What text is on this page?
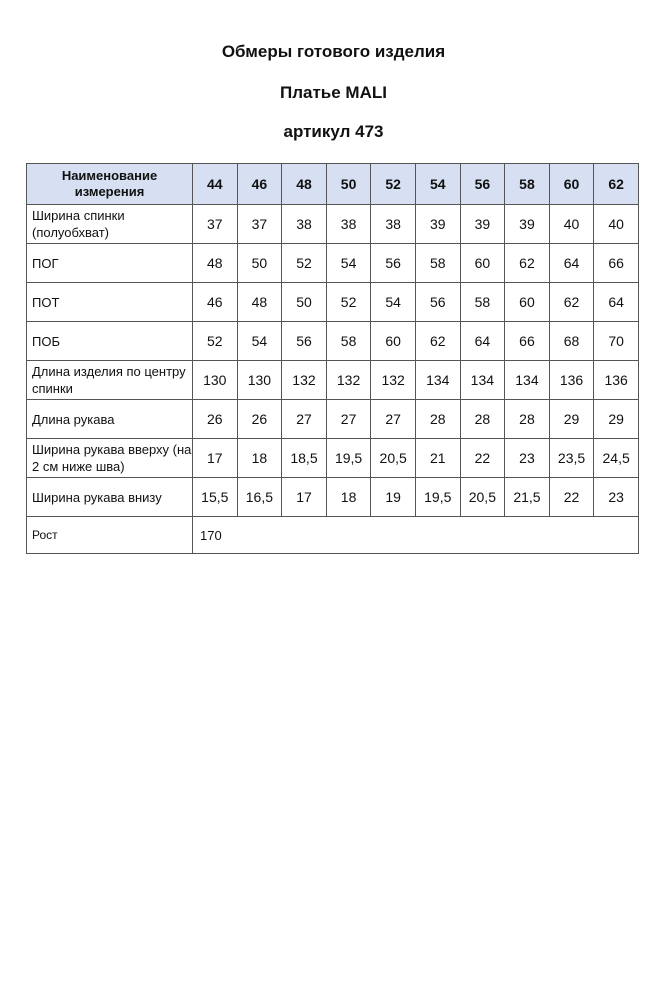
Обмеры готового изделия
Платье MALI
артикул 473
Наименование измерения	44	46	48	50	52	54	56	58	60	62
Ширина спинки (полуобхват)	37	37	38	38	38	39	39	39	40	40
ПОГ	48	50	52	54	56	58	60	62	64	66
ПОТ	46	48	50	52	54	56	58	60	62	64
ПОБ	52	54	56	58	60	62	64	66	68	70
Длина изделия по центру спинки	130	130	132	132	132	134	134	134	136	136
Длина рукава	26	26	27	27	27	28	28	28	29	29
Ширина рукава вверху (на 2 см ниже шва)	17	18	18,5	19,5	20,5	21	22	23	23,5	24,5
Ширина рукава внизу	15,5	16,5	17	18	19	19,5	20,5	21,5	22	23
Рост	170									
